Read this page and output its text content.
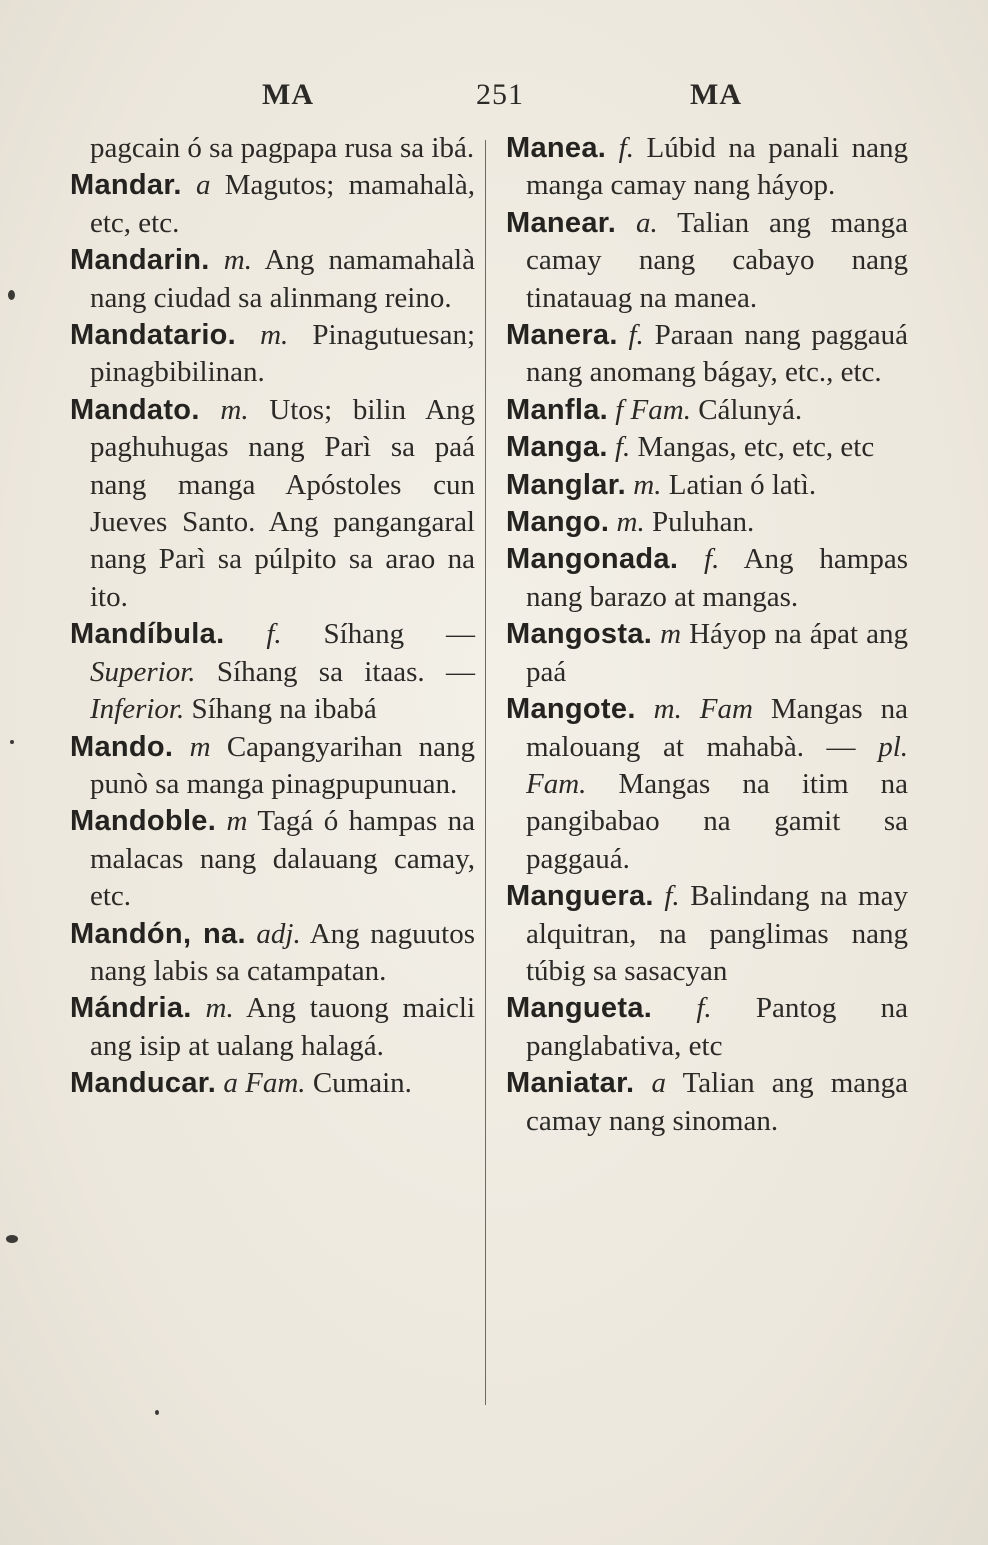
MA	251	MA

pagcain ó sa pagpapa rusa sa ibá.

Mandar. a Magutos; mamahalà, etc, etc.

Mandarin. m. Ang namamahalà nang ciudad sa alinmang reino.

Mandatario. m. Pinagutuesan; pinagbibilinan.

Mandato. m. Utos; bilin Ang paghuhugas nang Parì sa paá nang manga Apóstoles cun Jueves Santo. Ang pangangaral nang Parì sa púlpito sa arao na ito.

Mandíbula. f. Síhang — Superior. Síhang sa itaas. — Inferior. Síhang na ibabá

Mando. m Capangyarihan nang punò sa manga pinagpupunuan.

Mandoble. m Tagá ó hampas na malacas nang dalauang camay, etc.

Mandón, na. adj. Ang naguutos nang labis sa catampatan.

Mándria. m. Ang tauong maicli ang isip at ualang halagá.

Manducar. a Fam. Cumain.

Manea. f. Lúbid na panali nang manga camay nang háyop.

Manear. a. Talian ang manga camay nang cabayo nang tinatauag na manea.

Manera. f. Paraan nang paggauá nang anomang bágay, etc., etc.

Manfla. f Fam. Cálunyá.

Manga. f. Mangas, etc, etc, etc

Manglar. m. Latian ó latì.

Mango. m. Puluhan.

Mangonada. f. Ang hampas nang barazo at mangas.

Mangosta. m Háyop na ápat ang paá

Mangote. m. Fam Mangas na malouang at mahabà. — pl. Fam. Mangas na itim na pangibabao na gamit sa paggauá.

Manguera. f. Balindang na may alquitran, na panglimas nang túbig sa sasacyan

Mangueta. f. Pantog na panglabativa, etc

Maniatar. a Talian ang manga camay nang sinoman.
